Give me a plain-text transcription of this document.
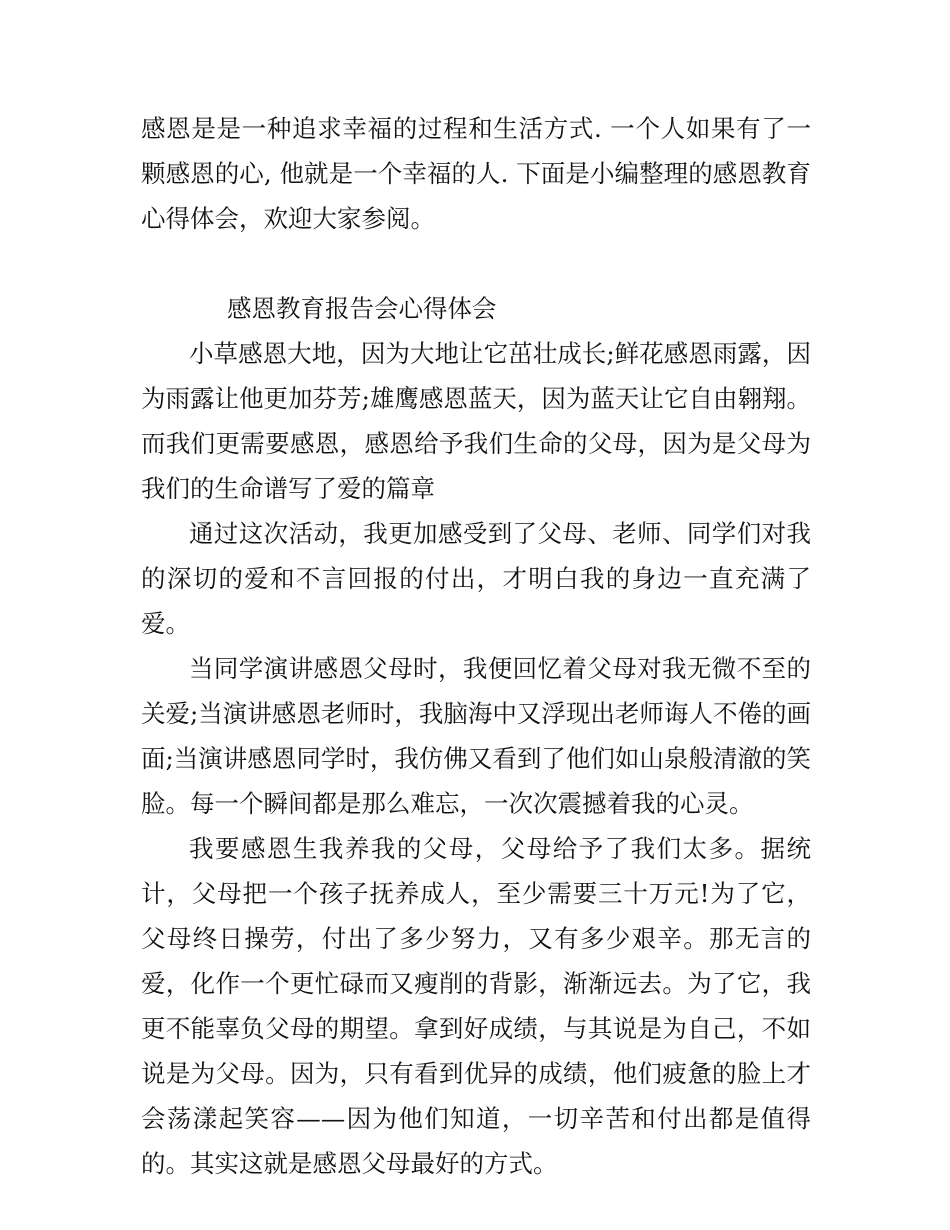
感恩是是一种追求幸福的过程和生活方式. 一个人如果有了一颗感恩的心, 他就是一个幸福的人. 下面是小编整理的感恩教育心得体会，欢迎大家参阅。

感恩教育报告会心得体会

小草感恩大地，因为大地让它茁壮成长;鲜花感恩雨露，因为雨露让他更加芬芳;雄鹰感恩蓝天，因为蓝天让它自由翱翔。而我们更需要感恩，感恩给予我们生命的父母，因为是父母为我们的生命谱写了爱的篇章

通过这次活动，我更加感受到了父母、老师、同学们对我的深切的爱和不言回报的付出，才明白我的身边一直充满了爱。

当同学演讲感恩父母时，我便回忆着父母对我无微不至的关爱;当演讲感恩老师时，我脑海中又浮现出老师诲人不倦的画面;当演讲感恩同学时，我仿佛又看到了他们如山泉般清澈的笑脸。每一个瞬间都是那么难忘，一次次震撼着我的心灵。

我要感恩生我养我的父母，父母给予了我们太多。据统计，父母把一个孩子抚养成人，至少需要三十万元!为了它，父母终日操劳，付出了多少努力，又有多少艰辛。那无言的爱，化作一个更忙碌而又瘦削的背影，渐渐远去。为了它，我更不能辜负父母的期望。拿到好成绩，与其说是为自己，不如说是为父母。因为，只有看到优异的成绩，他们疲惫的脸上才会荡漾起笑容——因为他们知道，一切辛苦和付出都是值得的。其实这就是感恩父母最好的方式。
